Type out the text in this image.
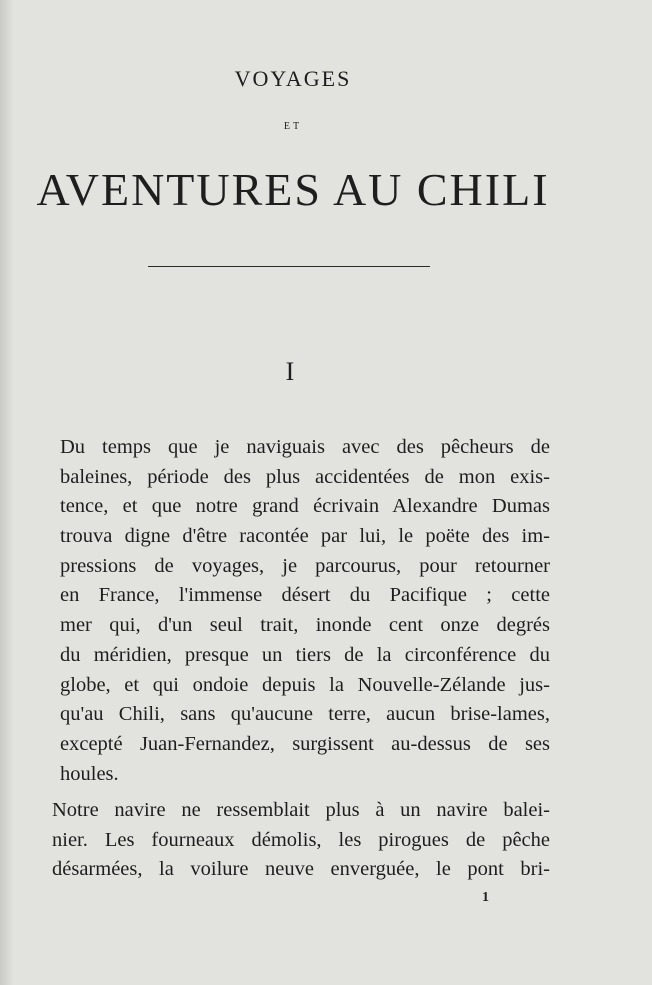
VOYAGES
ET
AVENTURES AU CHILI
I
Du temps que je naviguais avec des pêcheurs de
baleines, période des plus accidentées de mon exis-
tence, et que notre grand écrivain Alexandre Dumas
trouva digne d'être racontée par lui, le poëte des im-
pressions de voyages, je parcourus, pour retourner
en France, l'immense désert du Pacifique ; cette
mer qui, d'un seul trait, inonde cent onze degrés
du méridien, presque un tiers de la circonférence du
globe, et qui ondoie depuis la Nouvelle-Zélande jus-
qu'au Chili, sans qu'aucune terre, aucun brise-lames,
excepté Juan-Fernandez, surgissent au-dessus de ses
houles.
Notre navire ne ressemblait plus à un navire balei-
nier. Les fourneaux démolis, les pirogues de pêche
désarmées, la voilure neuve enverguée, le pont bri-
1
